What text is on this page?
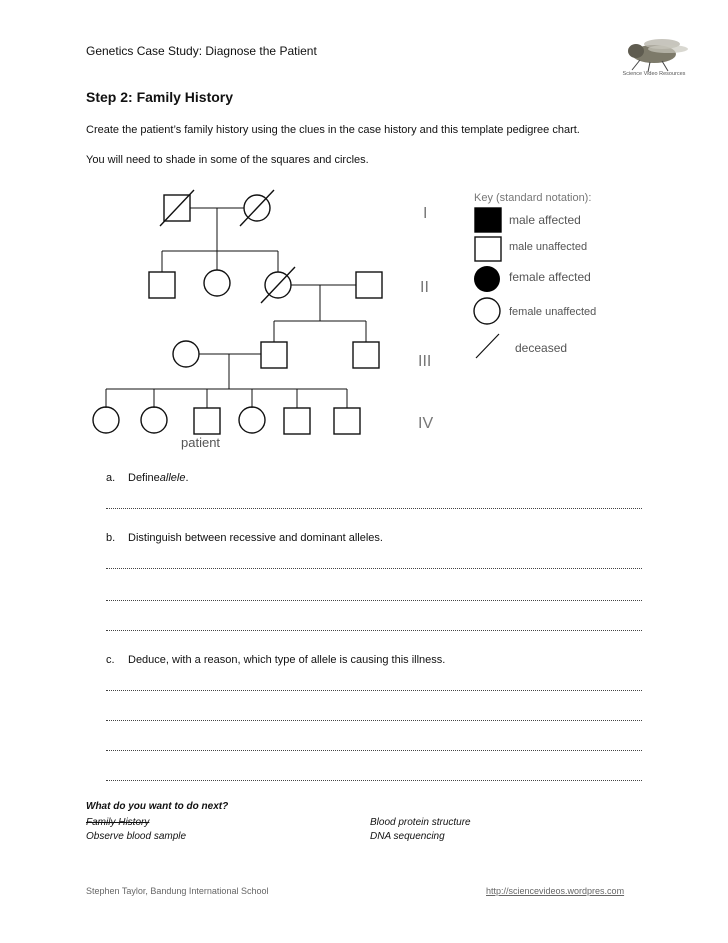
Genetics Case Study: Diagnose the Patient
Science Video Resources
Step 2: Family History
Create the patient’s family history using the clues in the case history and this template pedigree chart.
You will need to shade in some of the squares and circles.
I
II
III
IV
patient
Key (standard notation):
male affected
male unaffected
female affected
female unaffected
deceased
a. Defineallele.
b. Distinguish between recessive and dominant alleles.
c. Deduce, with a reason, which type of allele is causing this illness.
What do you want to do next?
Family History
Observe blood sample
Blood protein structure
DNA sequencing
Stephen Taylor, Bandung International School	http://sciencevideos.wordpres.com
